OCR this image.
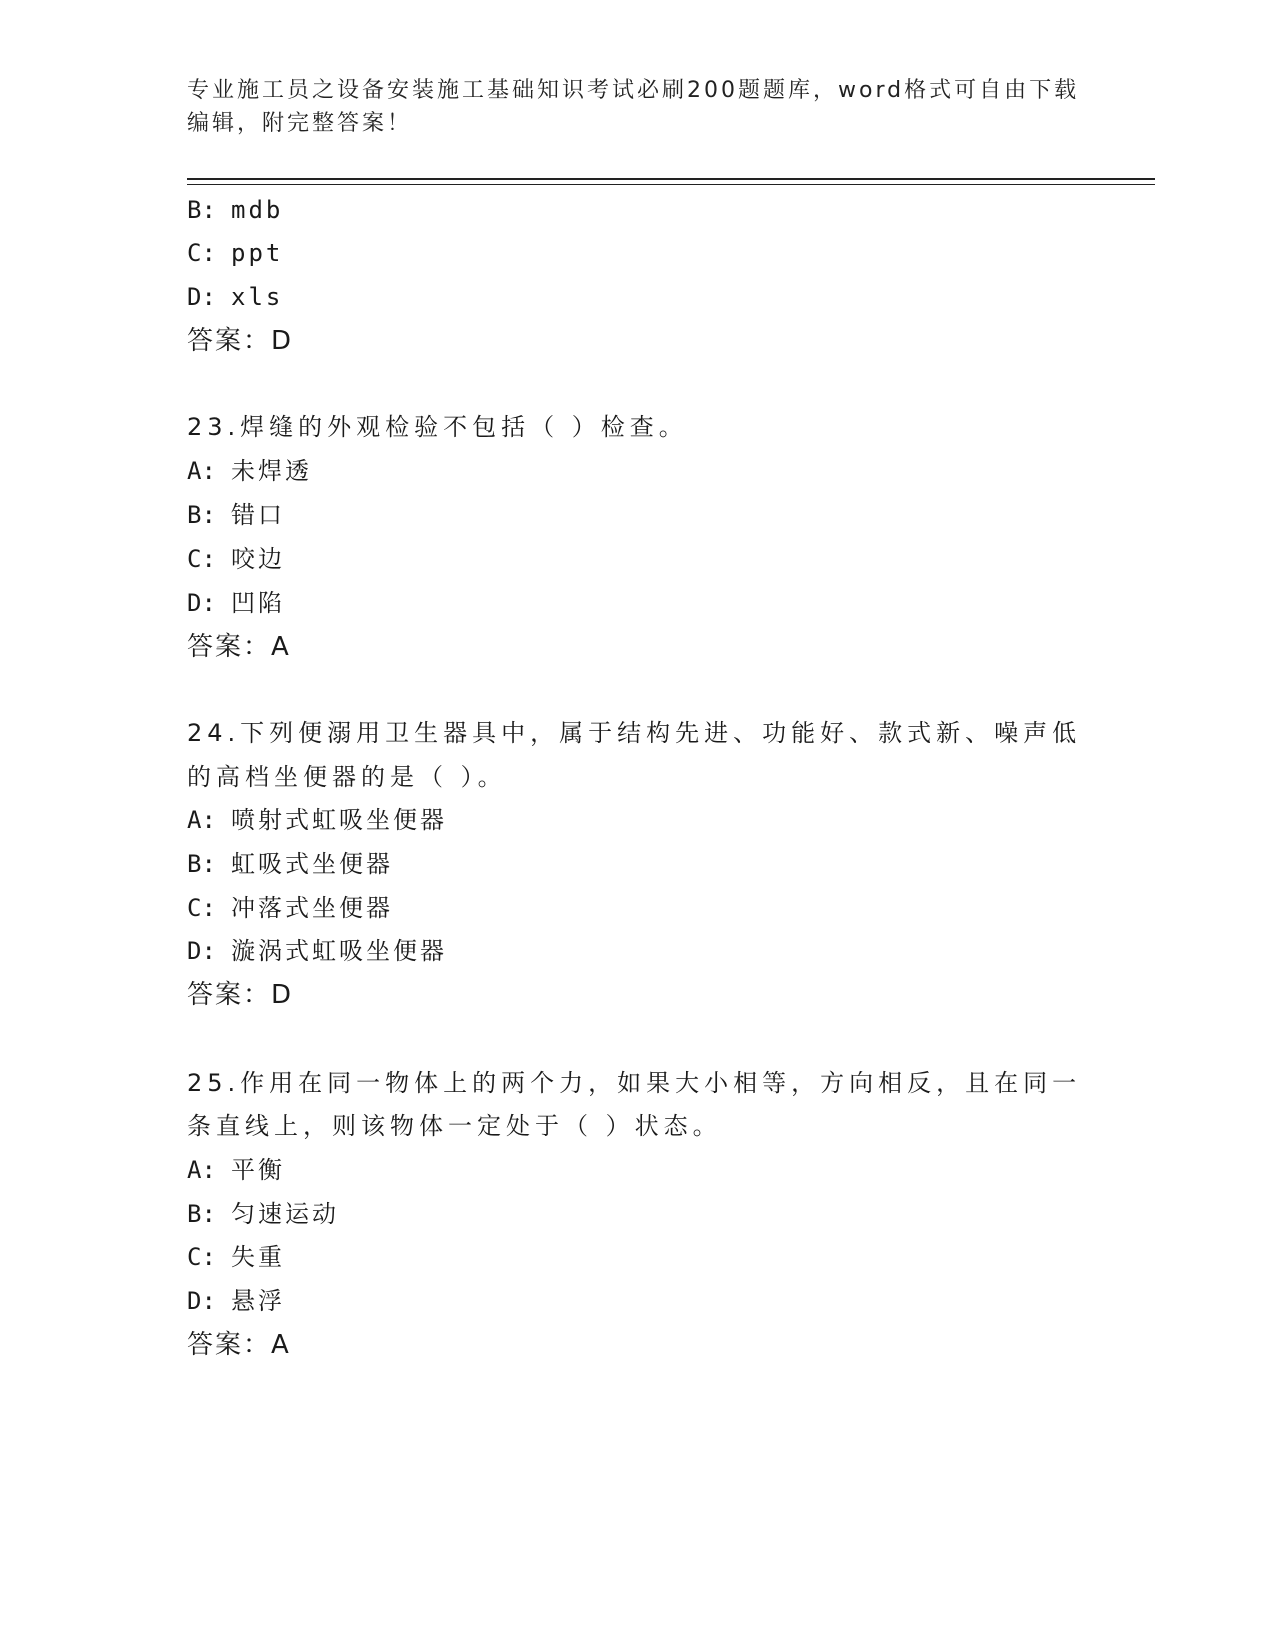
专业施工员之设备安装施工基础知识考试必刷200题题库，word格式可自由下载
编辑，附完整答案！
B: mdb
C: ppt
D: xls
答案：D
23.焊缝的外观检验不包括（ ）检查。
A: 未焊透
B: 错口
C: 咬边
D: 凹陷
答案：A
24.下列便溺用卫生器具中，属于结构先进、功能好、款式新、噪声低
的高档坐便器的是（ ）。
A: 喷射式虹吸坐便器
B: 虹吸式坐便器
C: 冲落式坐便器
D: 漩涡式虹吸坐便器
答案：D
25.作用在同一物体上的两个力，如果大小相等，方向相反，且在同一
条直线上，则该物体一定处于（ ）状态。
A: 平衡
B: 匀速运动
C: 失重
D: 悬浮
答案：A
